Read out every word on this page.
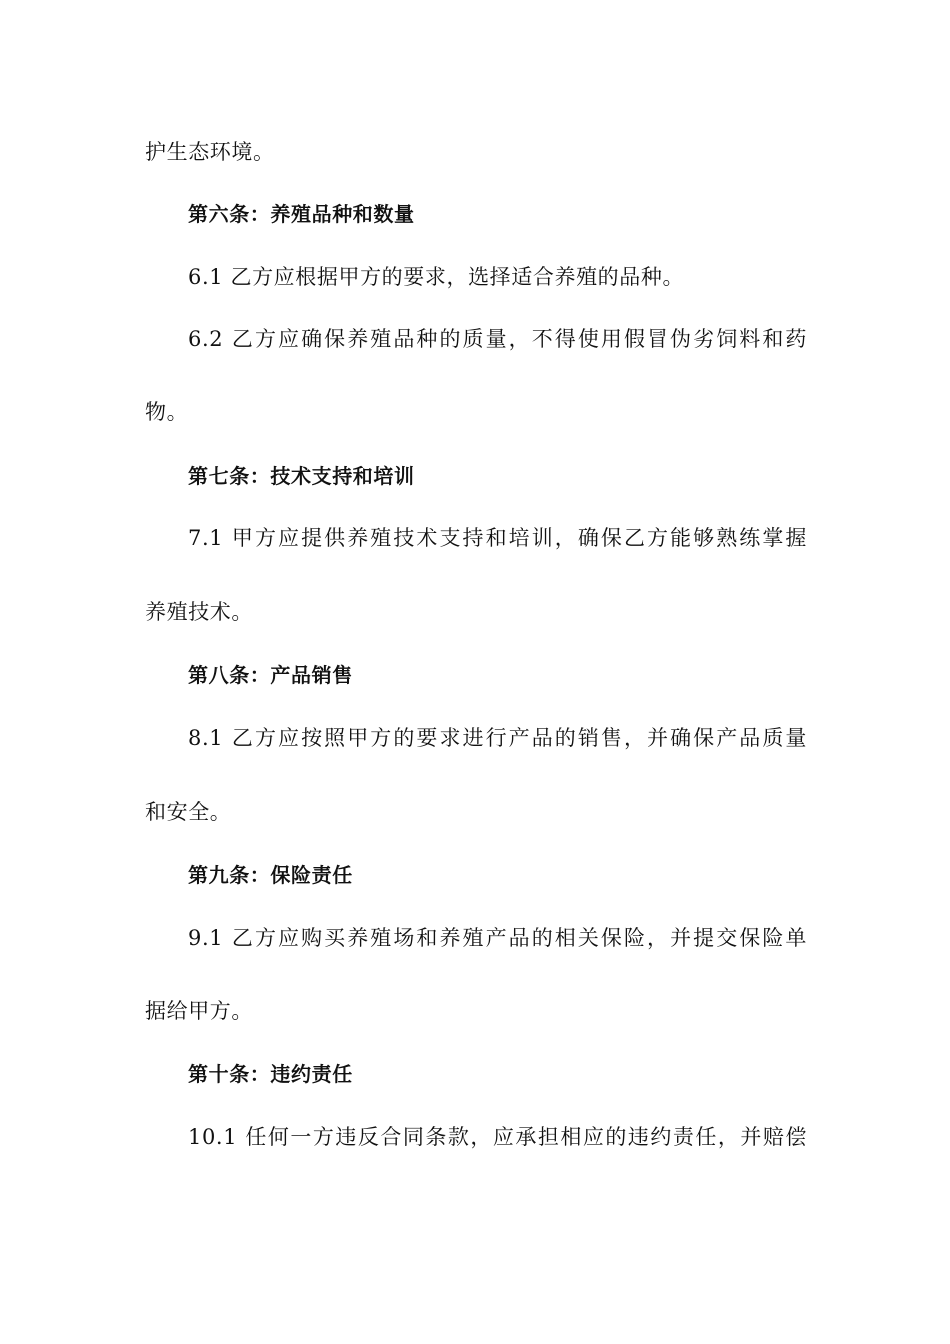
护生态环境。
第六条：养殖品种和数量
6.1 乙方应根据甲方的要求，选择适合养殖的品种。
6.2 乙方应确保养殖品种的质量，不得使用假冒伪劣饲料和药
物。
第七条：技术支持和培训
7.1 甲方应提供养殖技术支持和培训，确保乙方能够熟练掌握
养殖技术。
第八条：产品销售
8.1 乙方应按照甲方的要求进行产品的销售，并确保产品质量
和安全。
第九条：保险责任
9.1 乙方应购买养殖场和养殖产品的相关保险，并提交保险单
据给甲方。
第十条：违约责任
10.1 任何一方违反合同条款，应承担相应的违约责任，并赔偿
